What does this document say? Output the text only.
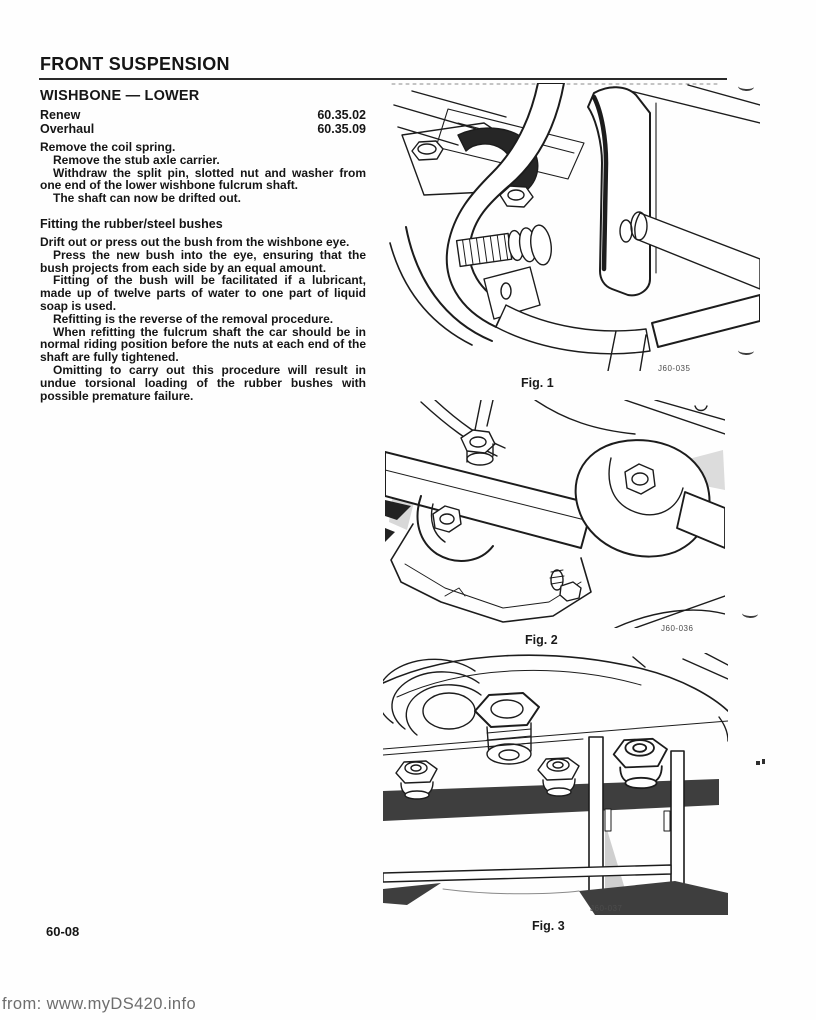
FRONT SUSPENSION
WISHBONE — LOWER
Renew	60.35.02
Overhaul	60.35.09

Remove the coil spring.

Remove the stub axle carrier.

Withdraw the split pin, slotted nut and washer from one end of the lower wishbone fulcrum shaft.

The shaft can now be drifted out.

Fitting the rubber/steel bushes

Drift out or press out the bush from the wishbone eye.

Press the new bush into the eye, ensuring that the bush projects from each side by an equal amount.

Fitting of the bush will be facilitated if a lubricant, made up of twelve parts of water to one part of liquid soap is used.

Refitting is the reverse of the removal procedure.

When refitting the fulcrum shaft the car should be in normal riding position before the nuts at each end of the shaft are fully tightened.

Omitting to carry out this procedure will result in undue torsional loading of the rubber bushes with possible premature failure.

Fig. 1
J60-035
Fig. 2
J60-036
Fig. 3
J60-037
60-08
from: www.myDS420.info
